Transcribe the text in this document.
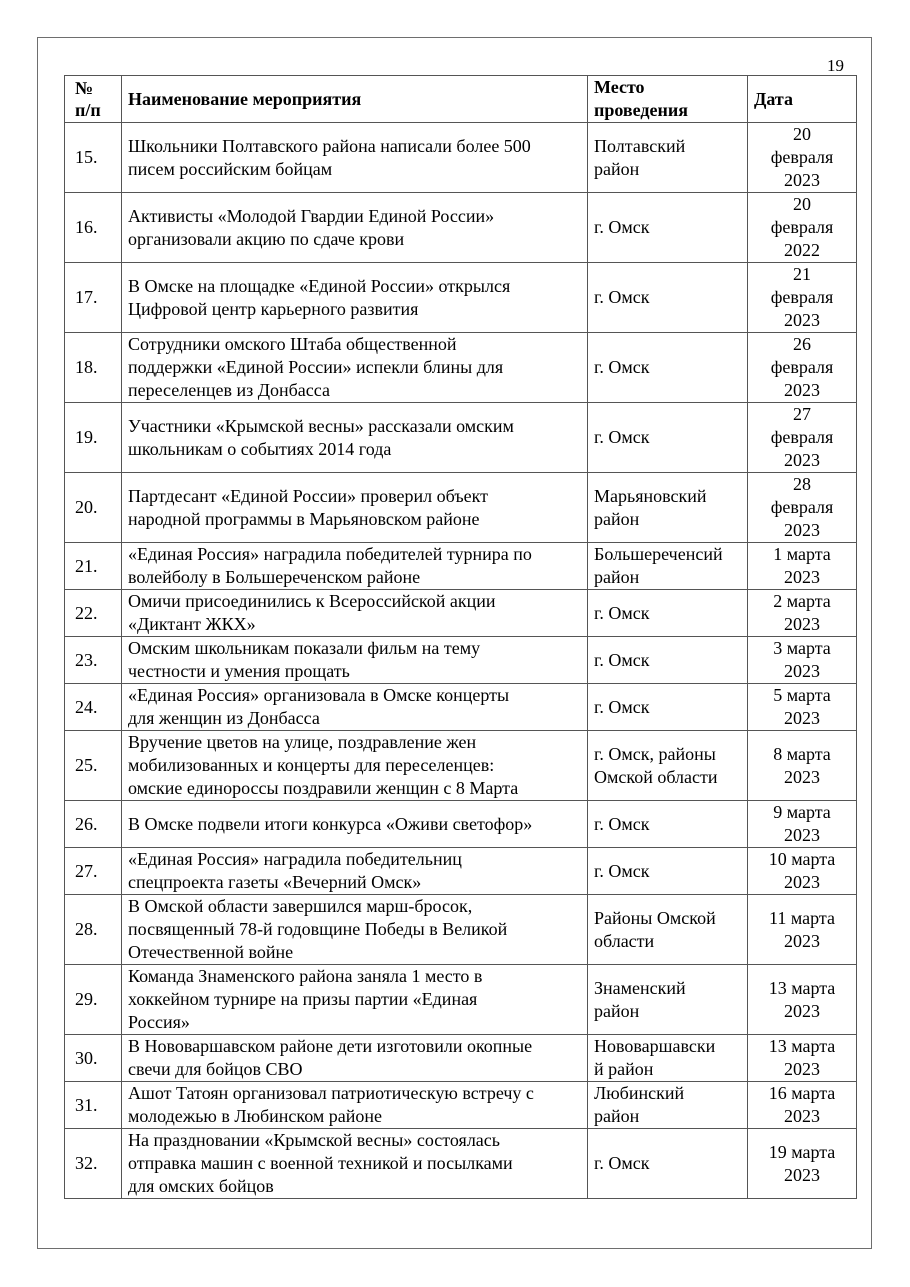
19
№
п/п	Наименование мероприятия	Место
проведения	Дата
15.	Школьники Полтавского района написали более 500
писем российским бойцам	Полтавский
район	20
февраля
2023
16.	Активисты «Молодой Гвардии Единой России»
организовали акцию по сдаче крови	г. Омск	20
февраля
2022
17.	В Омске на площадке «Единой России» открылся
Цифровой центр карьерного развития	г. Омск	21
февраля
2023
18.	Сотрудники омского Штаба общественной
поддержки «Единой России» испекли блины для
переселенцев из Донбасса	г. Омск	26
февраля
2023
19.	Участники «Крымской весны» рассказали омским
школьникам о событиях 2014 года	г. Омск	27
февраля
2023
20.	Партдесант «Единой России» проверил объект
народной программы в Марьяновском районе	Марьяновский
район	28
февраля
2023
21.	«Единая Россия» наградила победителей турнира по
волейболу в Большереченском районе	Большеречeнсий
район	1 марта
2023
22.	Омичи присоединились к Всероссийской акции
«Диктант ЖКХ»	г. Омск	2 марта
2023
23.	Омским школьникам показали фильм на тему
честности и умения прощать	г. Омск	3 марта
2023
24.	«Единая Россия» организовала в Омске концерты
для женщин из Донбасса	г. Омск	5 марта
2023
25.	Вручение цветов на улице, поздравление жен
мобилизованных и концерты для переселенцев:
омские единороссы поздравили женщин с 8 Марта	г. Омск, районы
Омской области	8 марта
2023
26.	В Омске подвели итоги конкурса «Оживи светофор»	г. Омск	9 марта
2023
27.	«Единая Россия» наградила победительниц
спецпроекта газеты «Вечерний Омск»	г. Омск	10 марта
2023
28.	В Омской области завершился марш-бросок,
посвященный 78-й годовщине Победы в Великой
Отечественной войне	Районы Омской
области	11 марта
2023
29.	Команда Знаменского района заняла 1 место в
хоккейном турнире на призы партии «Единая
Россия»	Знаменский
район	13 марта
2023
30.	В Нововаршавском районе дети изготовили окопные
свечи для бойцов СВО	Нововаршавски
й район	13 марта
2023
31.	Ашот Татоян организовал патриотическую встречу с
молодежью в Любинском районе	Любинский
район	16 марта
2023
32.	На праздновании «Крымской весны» состоялась
отправка машин с военной техникой и посылками
для омских бойцов	г. Омск	19 марта
2023
